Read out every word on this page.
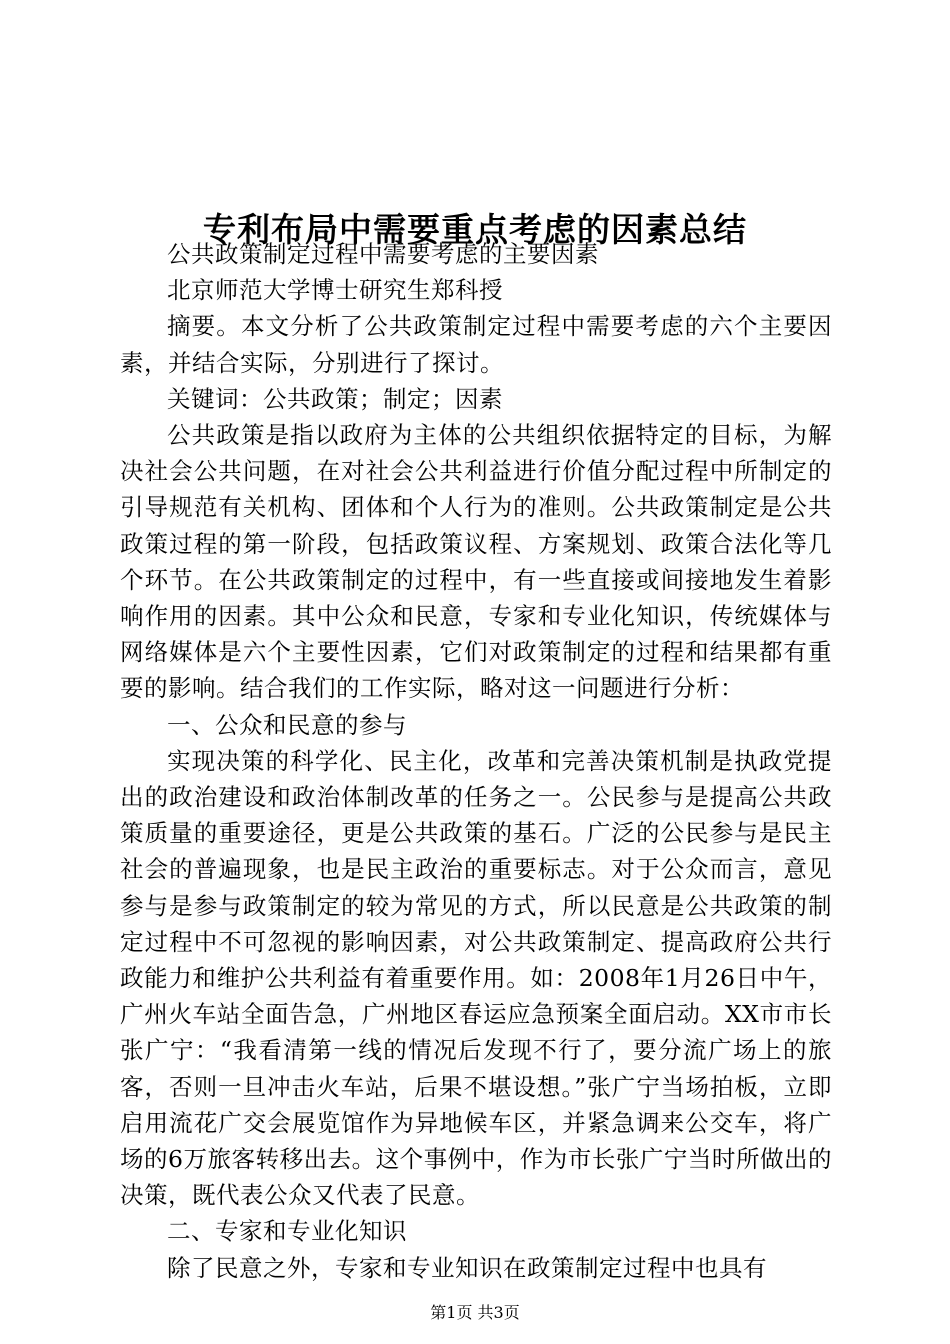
专利布局中需要重点考虑的因素总结

公共政策制定过程中需要考虑的主要因素

北京师范大学博士研究生郑科授

摘要。本文分析了公共政策制定过程中需要考虑的六个主要因素，并结合实际，分别进行了探讨。

关键词：公共政策；制定；因素

公共政策是指以政府为主体的公共组织依据特定的目标，为解决社会公共问题，在对社会公共利益进行价值分配过程中所制定的引导规范有关机构、团体和个人行为的准则。公共政策制定是公共政策过程的第一阶段，包括政策议程、方案规划、政策合法化等几个环节。在公共政策制定的过程中，有一些直接或间接地发生着影响作用的因素。其中公众和民意，专家和专业化知识，传统媒体与网络媒体是六个主要性因素，它们对政策制定的过程和结果都有重要的影响。结合我们的工作实际，略对这一问题进行分析：

一、公众和民意的参与

实现决策的科学化、民主化，改革和完善决策机制是执政党提出的政治建设和政治体制改革的任务之一。公民参与是提高公共政策质量的重要途径，更是公共政策的基石。广泛的公民参与是民主社会的普遍现象，也是民主政治的重要标志。对于公众而言，意见参与是参与政策制定的较为常见的方式，所以民意是公共政策的制定过程中不可忽视的影响因素，对公共政策制定、提高政府公共行政能力和维护公共利益有着重要作用。如：2008年1月26日中午，广州火车站全面告急，广州地区春运应急预案全面启动。XX市市长张广宁：“我看清第一线的情况后发现不行了，要分流广场上的旅客，否则一旦冲击火车站，后果不堪设想。”张广宁当场拍板，立即启用流花广交会展览馆作为异地候车区，并紧急调来公交车，将广场的6万旅客转移出去。这个事例中，作为市长张广宁当时所做出的决策，既代表公众又代表了民意。

二、专家和专业化知识

除了民意之外，专家和专业知识在政策制定过程中也具有

第1页 共3页
